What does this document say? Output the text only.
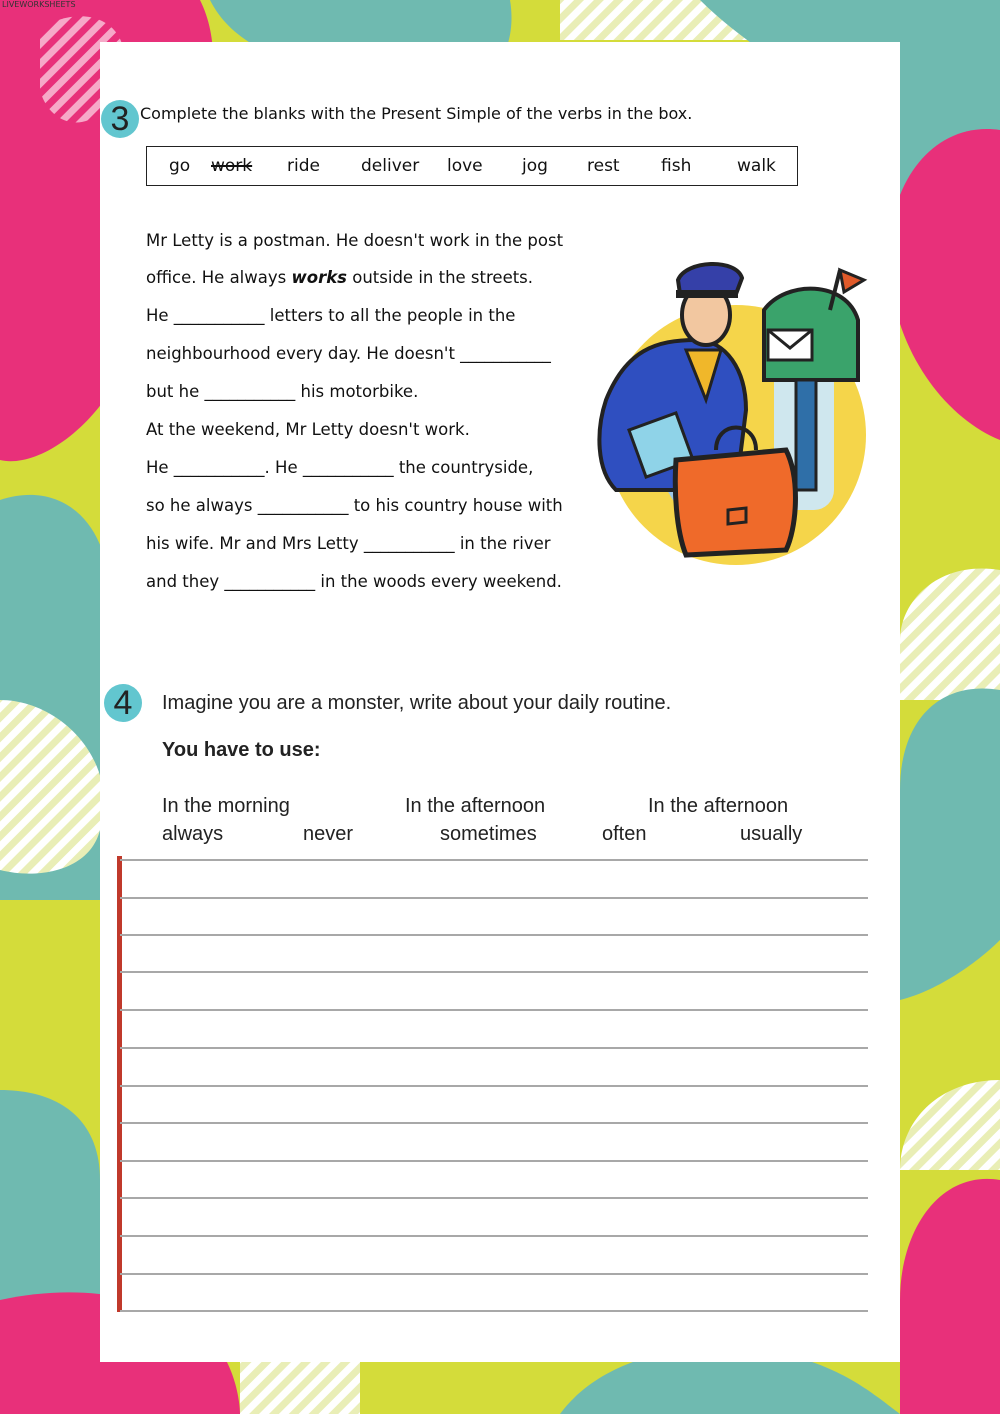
LIVEWORKSHEETS
3 Complete the blanks with the Present Simple of the verbs in the box.
go work ride deliver love jog rest fish	walk
Mr Letty is a postman. He doesn't work in the post
office. He always works outside in the streets.
He ___________ letters to all the people in the
neighbourhood every day. He doesn't ___________
but he ___________ his motorbike.
At the weekend, Mr Letty doesn't work.
He ___________. He ___________ the countryside,
so he always ___________ to his country house with
his wife. Mr and Mrs Letty ___________ in the river
and they ___________ in the woods every weekend.
4	Imagine you are a monster, write about your daily routine.
You have to use:
In the morning	In the afternoon	In the afternoon
always	never	sometimes	often	usually
